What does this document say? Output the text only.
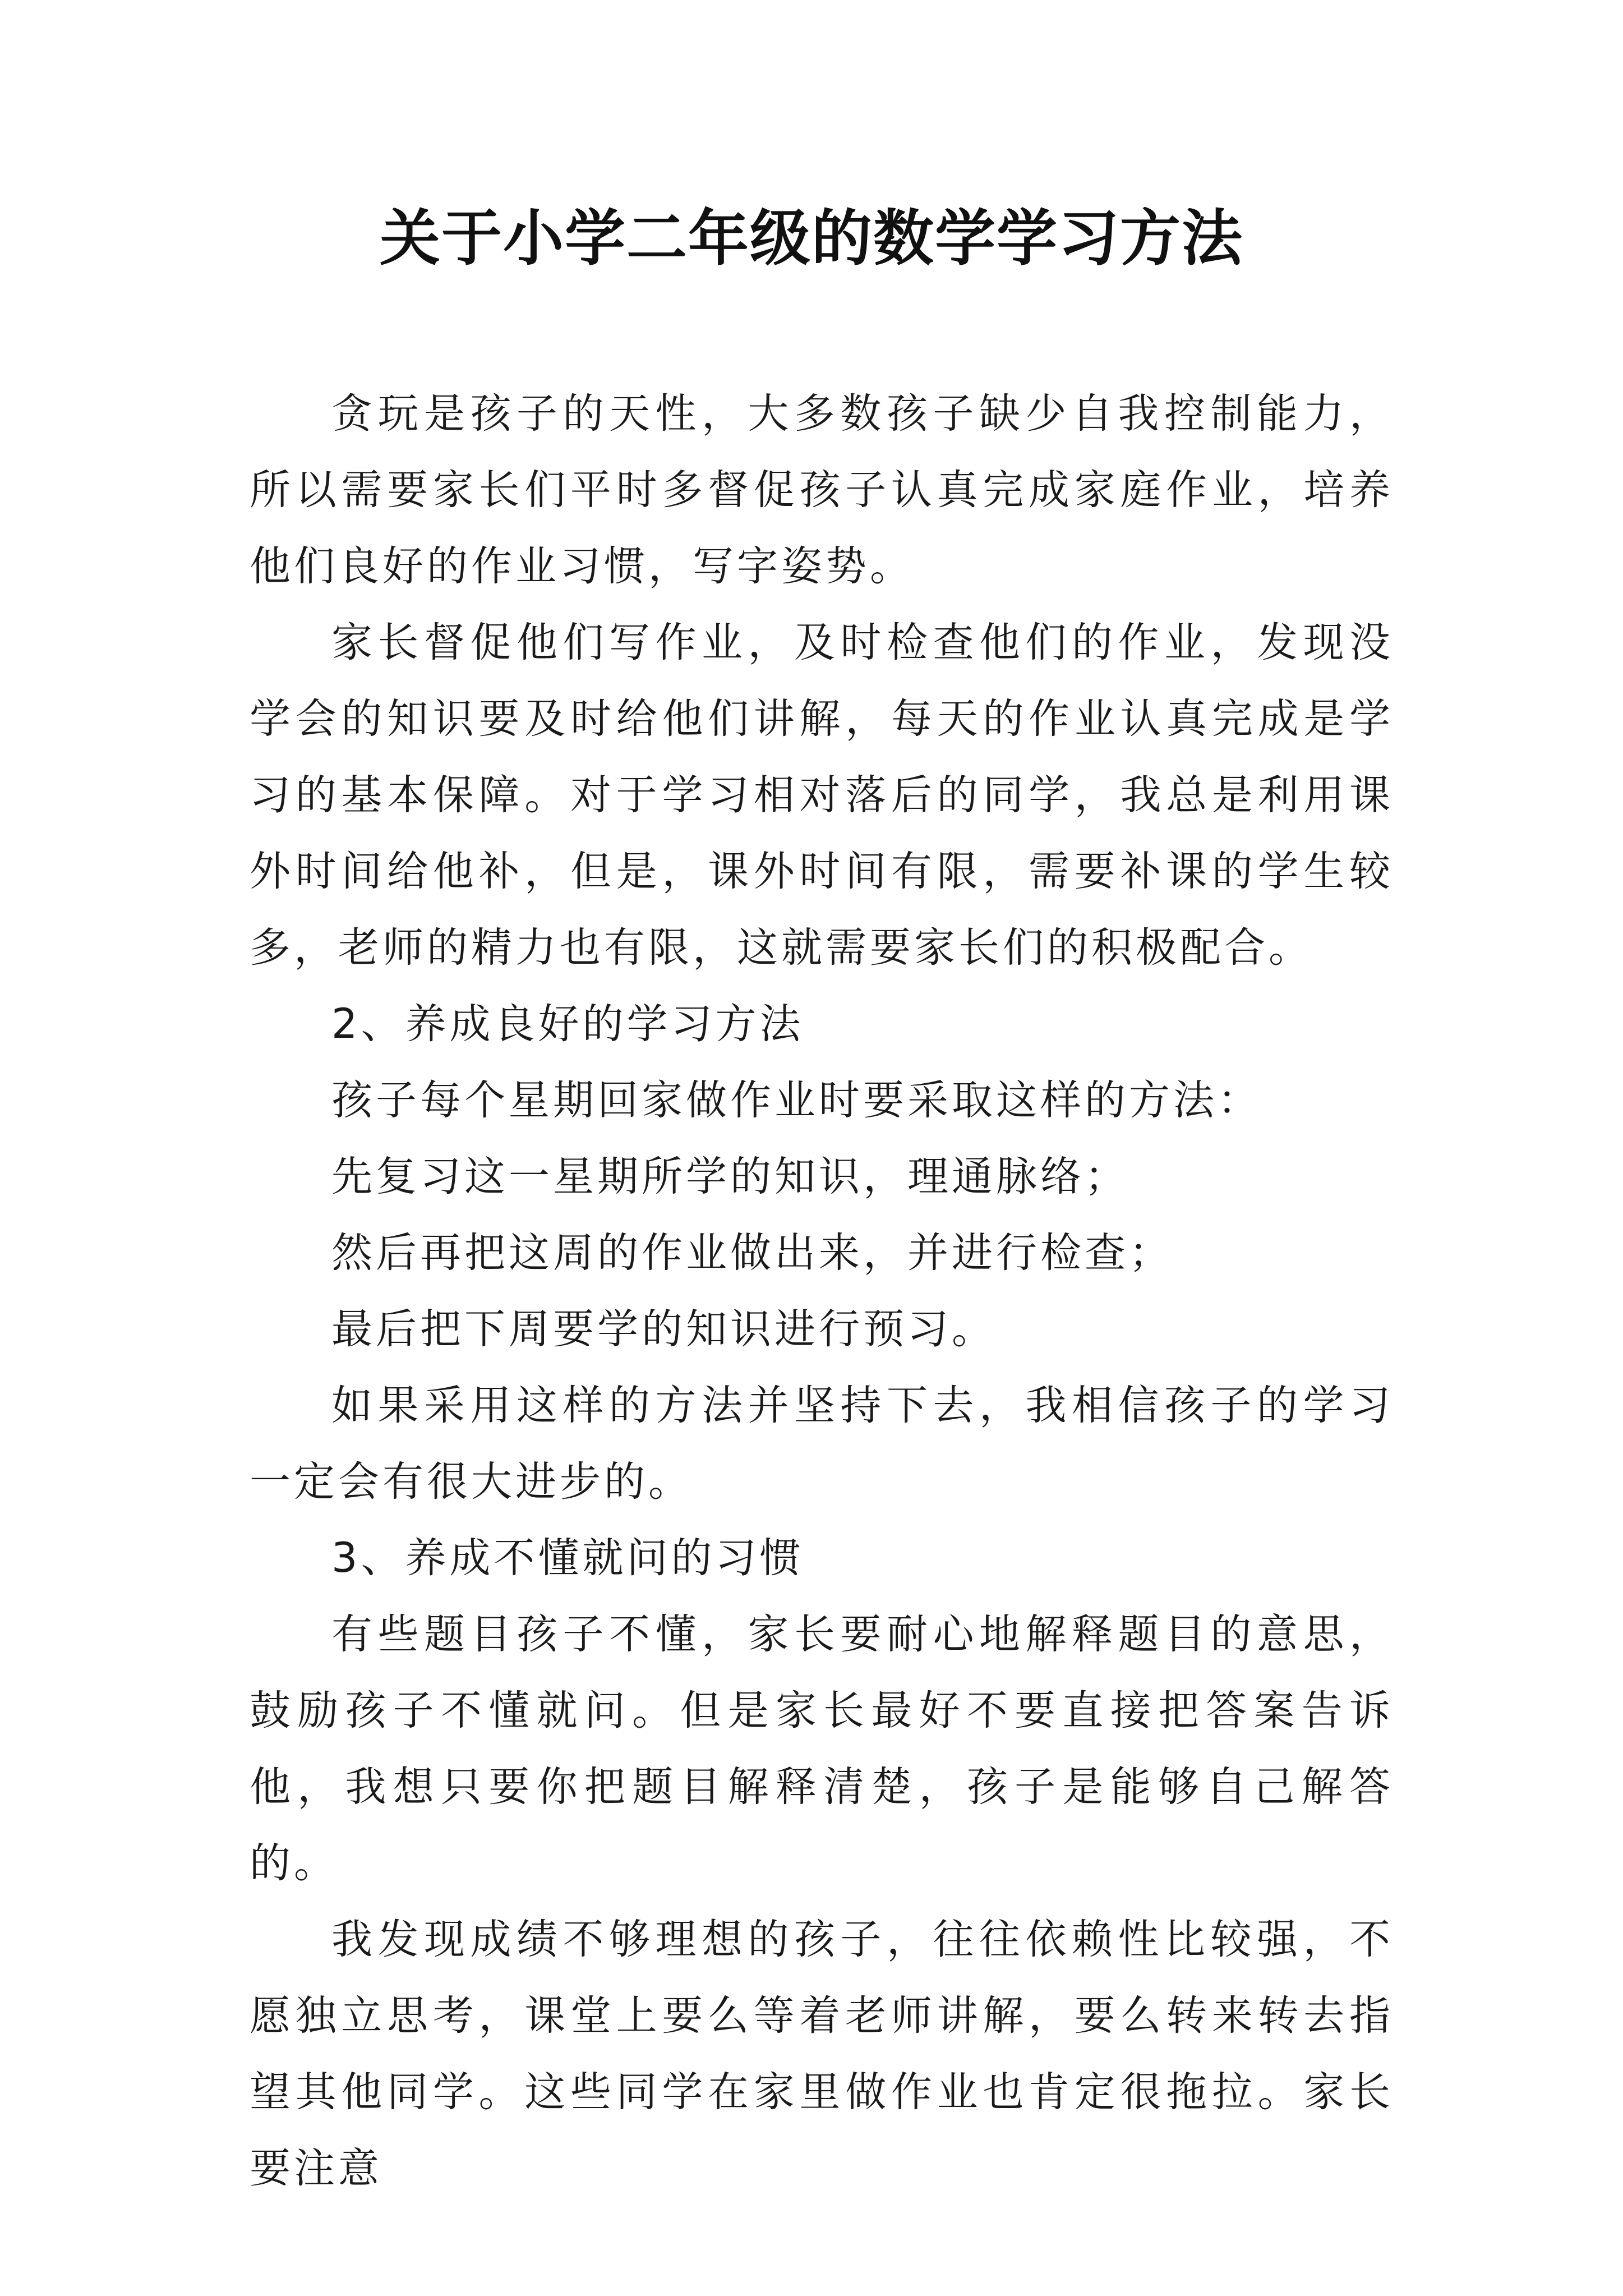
关于小学二年级的数学学习方法

贪玩是孩子的天性，大多数孩子缺少自我控制能力，所以需要家长们平时多督促孩子认真完成家庭作业，培养他们良好的作业习惯，写字姿势。

家长督促他们写作业，及时检查他们的作业，发现没学会的知识要及时给他们讲解，每天的作业认真完成是学习的基本保障。对于学习相对落后的同学，我总是利用课外时间给他补，但是，课外时间有限，需要补课的学生较多，老师的精力也有限，这就需要家长们的积极配合。

2、养成良好的学习方法

孩子每个星期回家做作业时要采取这样的方法：

先复习这一星期所学的知识，理通脉络；

然后再把这周的作业做出来，并进行检查；

最后把下周要学的知识进行预习。

如果采用这样的方法并坚持下去，我相信孩子的学习一定会有很大进步的。

3、养成不懂就问的习惯

有些题目孩子不懂，家长要耐心地解释题目的意思，鼓励孩子不懂就问。但是家长最好不要直接把答案告诉他，我想只要你把题目解释清楚，孩子是能够自己解答的。

我发现成绩不够理想的孩子，往往依赖性比较强，不愿独立思考，课堂上要么等着老师讲解，要么转来转去指望其他同学。这些同学在家里做作业也肯定很拖拉。家长要注意
